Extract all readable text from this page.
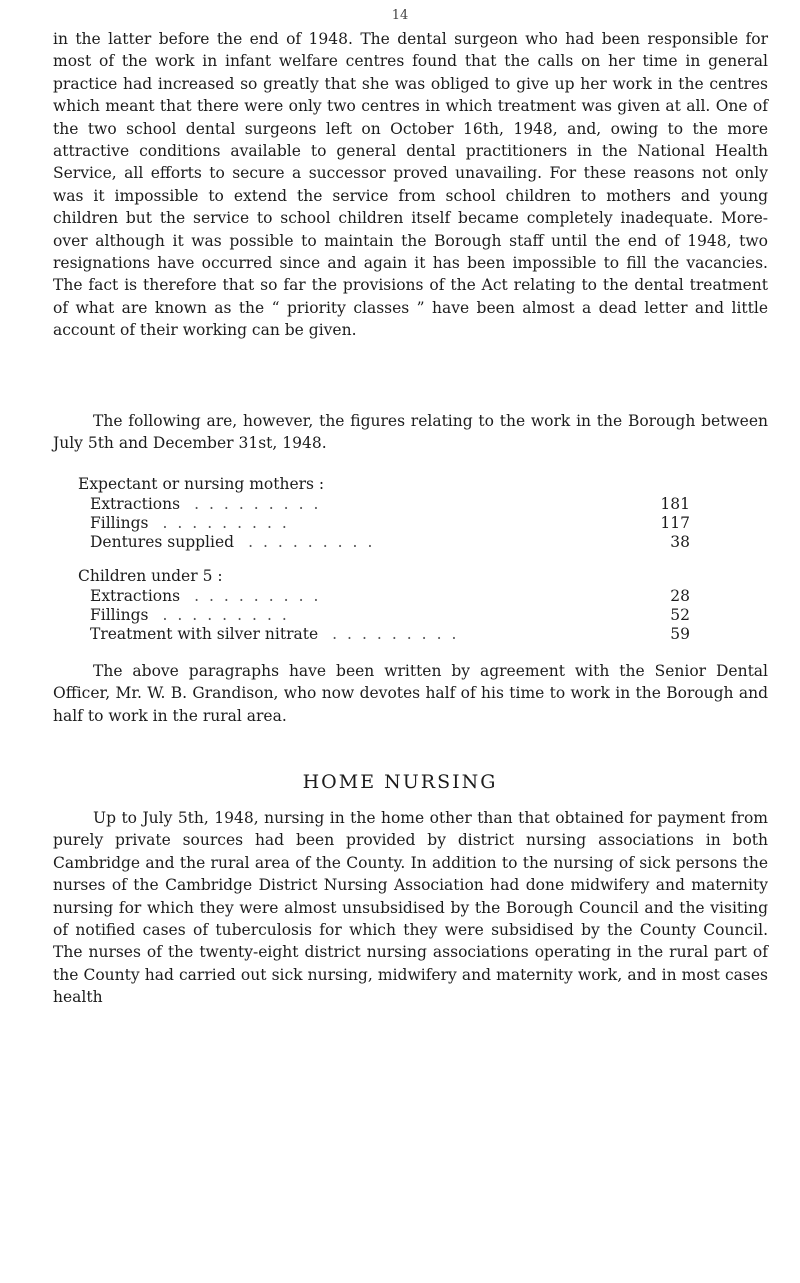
14

in the latter before the end of 1948. The dental surgeon who had been responsible for most of the work in infant welfare centres found that the calls on her time in general practice had increased so greatly that she was obliged to give up her work in the centres which meant that there were only two centres in which treatment was given at all. One of the two school dental surgeons left on October 16th, 1948, and, owing to the more attractive conditions available to general dental practitioners in the National Health Service, all efforts to secure a successor proved unavailing. For these reasons not only was it impossible to extend the service from school children to mothers and young children but the service to school children itself became completely inadequate. More-over although it was possible to maintain the Borough staff until the end of 1948, two resignations have occurred since and again it has been impossible to fill the vacancies. The fact is therefore that so far the provisions of the Act relating to the dental treatment of what are known as the “ priority classes ” have been almost a dead letter and little account of their working can be given.

The following are, however, the figures relating to the work in the Borough between July 5th and December 31st, 1948.

Expectant or nursing mothers :

Extractions .........	181
Fillings .........	117
Dentures supplied .........	38

Children under 5 :

Extractions .........	28
Fillings .........	52
Treatment with silver nitrate .........	59

The above paragraphs have been written by agreement with the Senior Dental Officer, Mr. W. B. Grandison, who now devotes half of his time to work in the Borough and half to work in the rural area.

HOME NURSING

Up to July 5th, 1948, nursing in the home other than that obtained for payment from purely private sources had been provided by district nursing associations in both Cambridge and the rural area of the County. In addition to the nursing of sick persons the nurses of the Cambridge District Nursing Association had done midwifery and maternity nursing for which they were almost unsubsidised by the Borough Council and the visiting of notified cases of tuberculosis for which they were subsidised by the County Council. The nurses of the twenty-eight district nursing associations operating in the rural part of the County had carried out sick nursing, midwifery and maternity work, and in most cases health
